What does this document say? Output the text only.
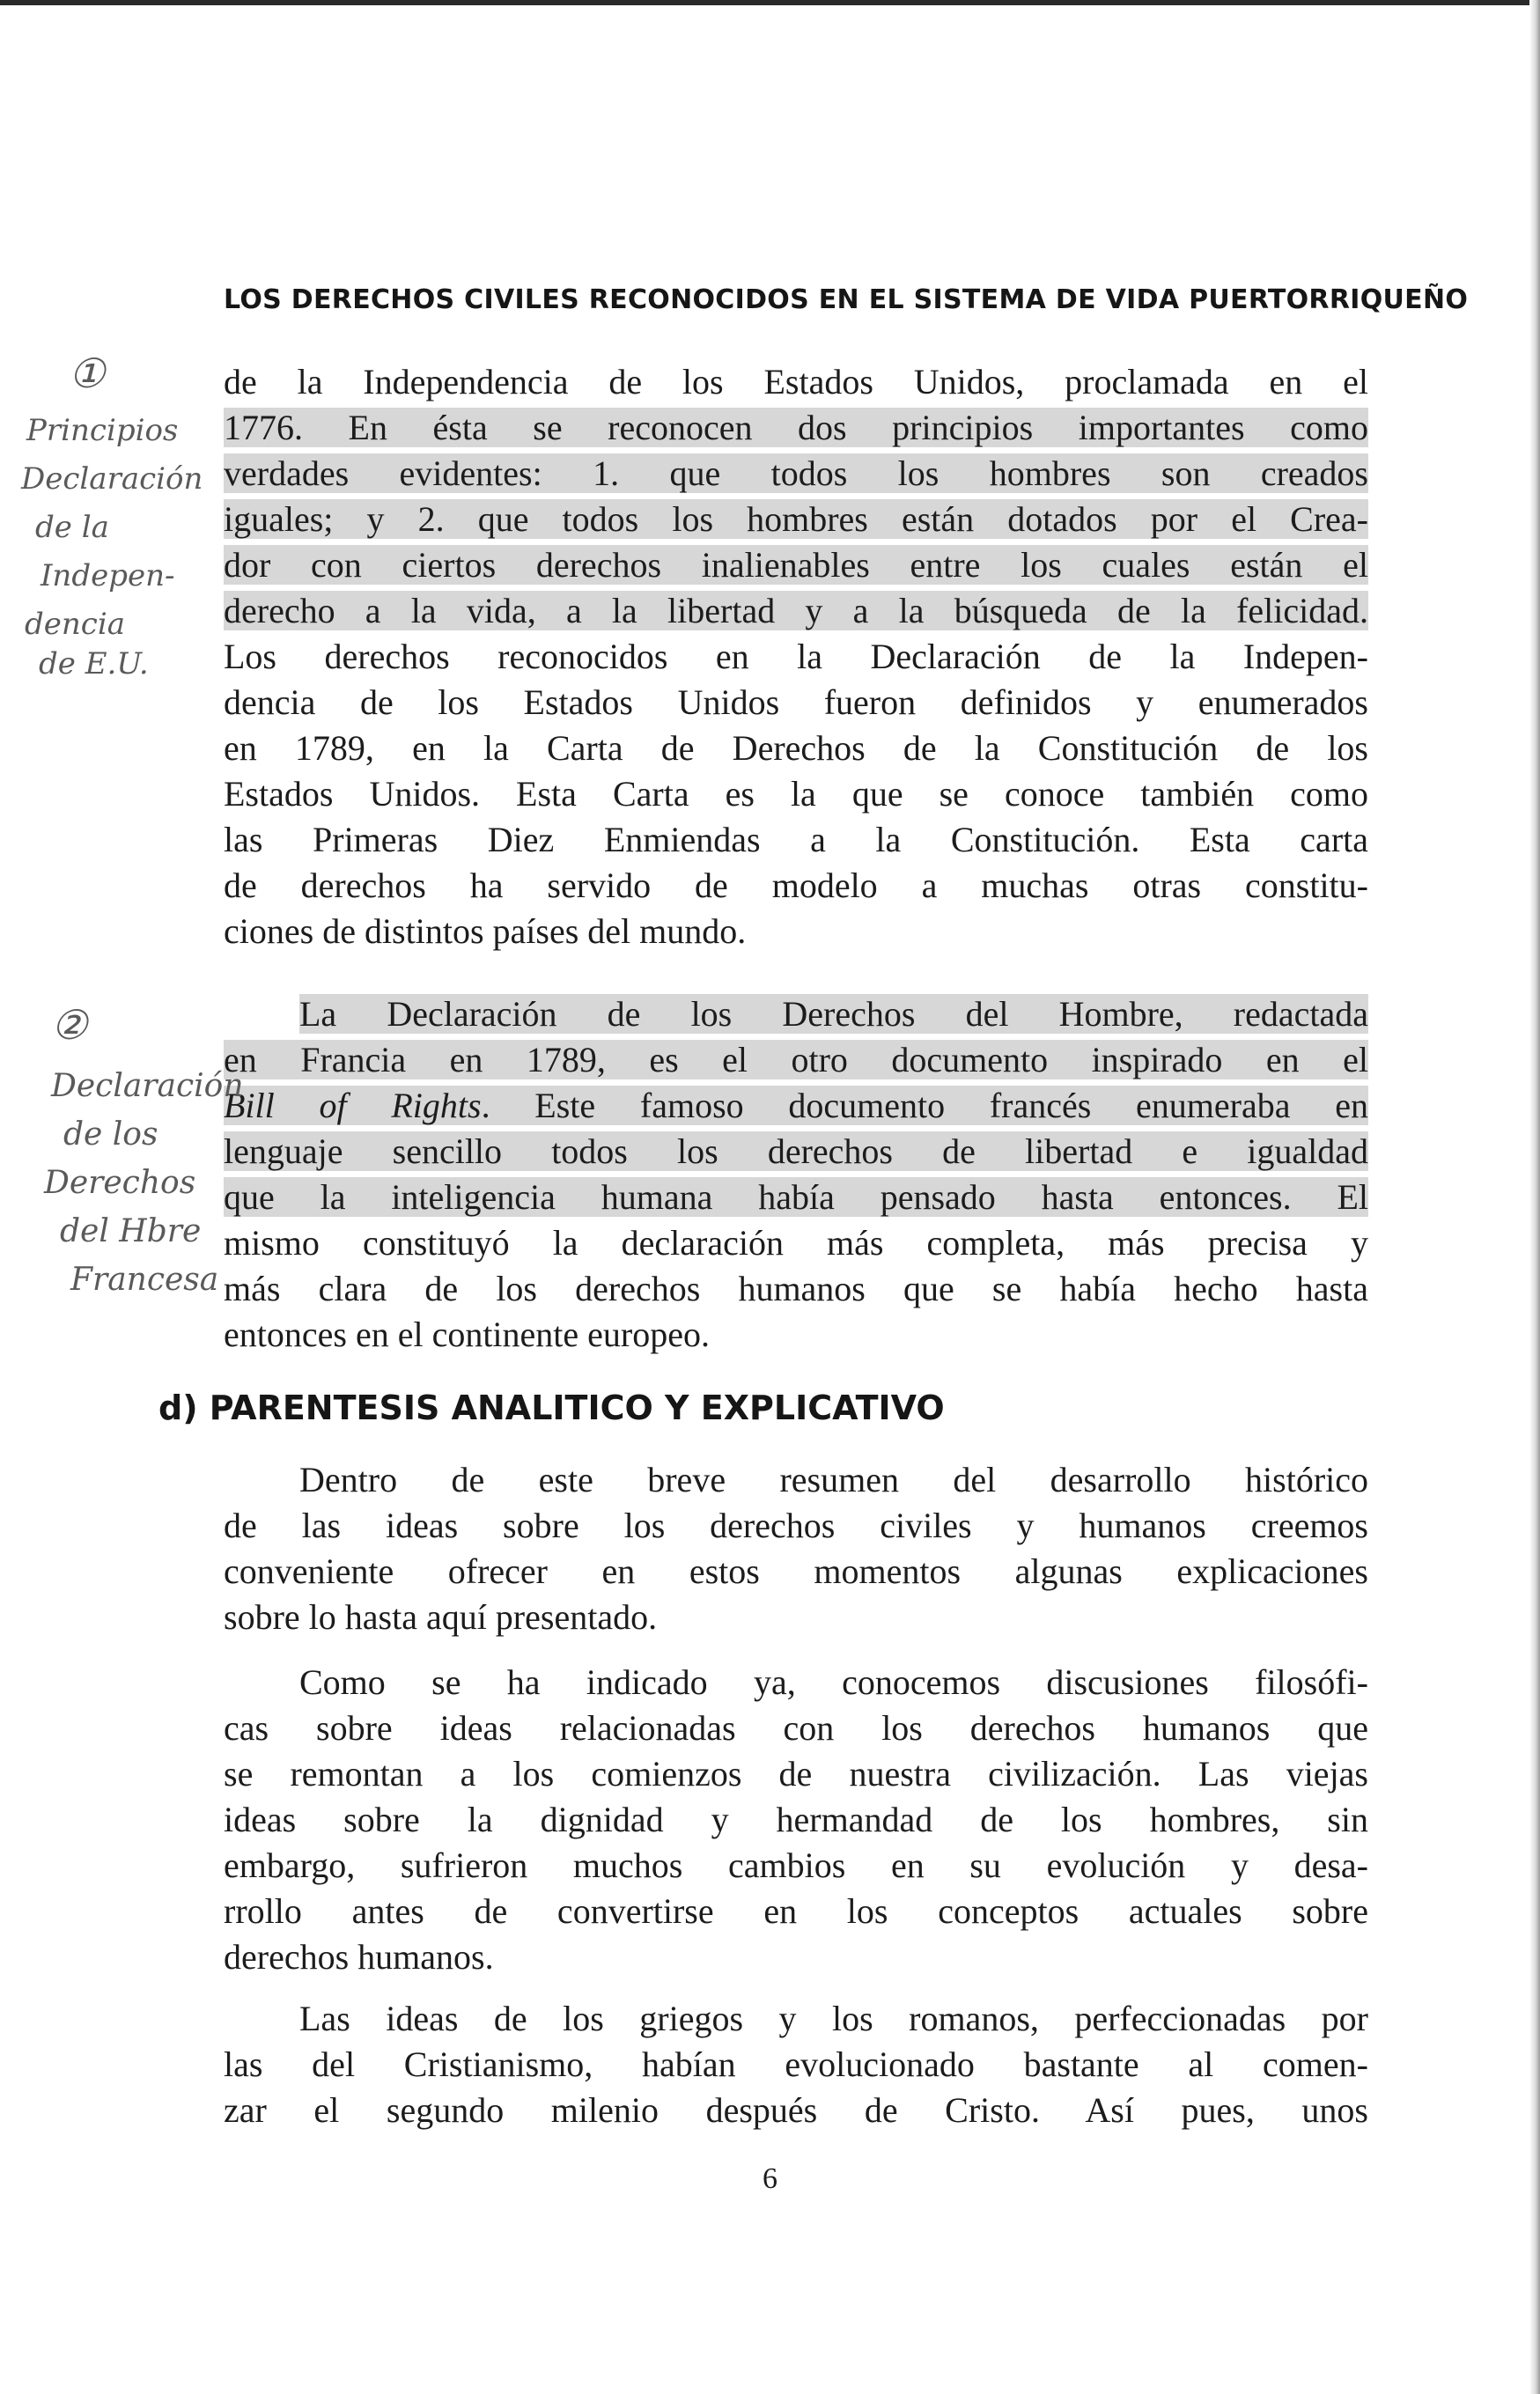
LOS DERECHOS CIVILES RECONOCIDOS EN EL SISTEMA DE VIDA PUERTORRIQUEÑO
de la Independencia de los Estados Unidos, proclamada en el
1776. En ésta se reconocen dos principios importantes como
verdades evidentes: 1. que todos los hombres son creados
iguales; y 2. que todos los hombres están dotados por el Crea-
dor con ciertos derechos inalienables entre los cuales están el
derecho a la vida, a la libertad y a la búsqueda de la felicidad.
Los derechos reconocidos en la Declaración de la Indepen-
dencia de los Estados Unidos fueron definidos y enumerados
en 1789, en la Carta de Derechos de la Constitución de los
Estados Unidos. Esta Carta es la que se conoce también como
las Primeras Diez Enmiendas a la Constitución. Esta carta
de derechos ha servido de modelo a muchas otras constitu-
ciones de distintos países del mundo.
La Declaración de los Derechos del Hombre, redactada
en Francia en 1789, es el otro documento inspirado en el
Bill of Rights. Este famoso documento francés enumeraba en
lenguaje sencillo todos los derechos de libertad e igualdad
que la inteligencia humana había pensado hasta entonces. El
mismo constituyó la declaración más completa, más precisa y
más clara de los derechos humanos que se había hecho hasta
entonces en el continente europeo.
d) PARENTESIS ANALITICO Y EXPLICATIVO
Dentro de este breve resumen del desarrollo histórico
de las ideas sobre los derechos civiles y humanos creemos
conveniente ofrecer en estos momentos algunas explicaciones
sobre lo hasta aquí presentado.
Como se ha indicado ya, conocemos discusiones filosófi-
cas sobre ideas relacionadas con los derechos humanos que
se remontan a los comienzos de nuestra civilización. Las viejas
ideas sobre la dignidad y hermandad de los hombres, sin
embargo, sufrieron muchos cambios en su evolución y desa-
rrollo antes de convertirse en los conceptos actuales sobre
derechos humanos.
Las ideas de los griegos y los romanos, perfeccionadas por
las del Cristianismo, habían evolucionado bastante al comen-
zar el segundo milenio después de Cristo. Así pues, unos
6
①
Principios Declaración de la Indepen- dencia de E.U.
②
Declaración de los Derechos del Hbre Francesa
